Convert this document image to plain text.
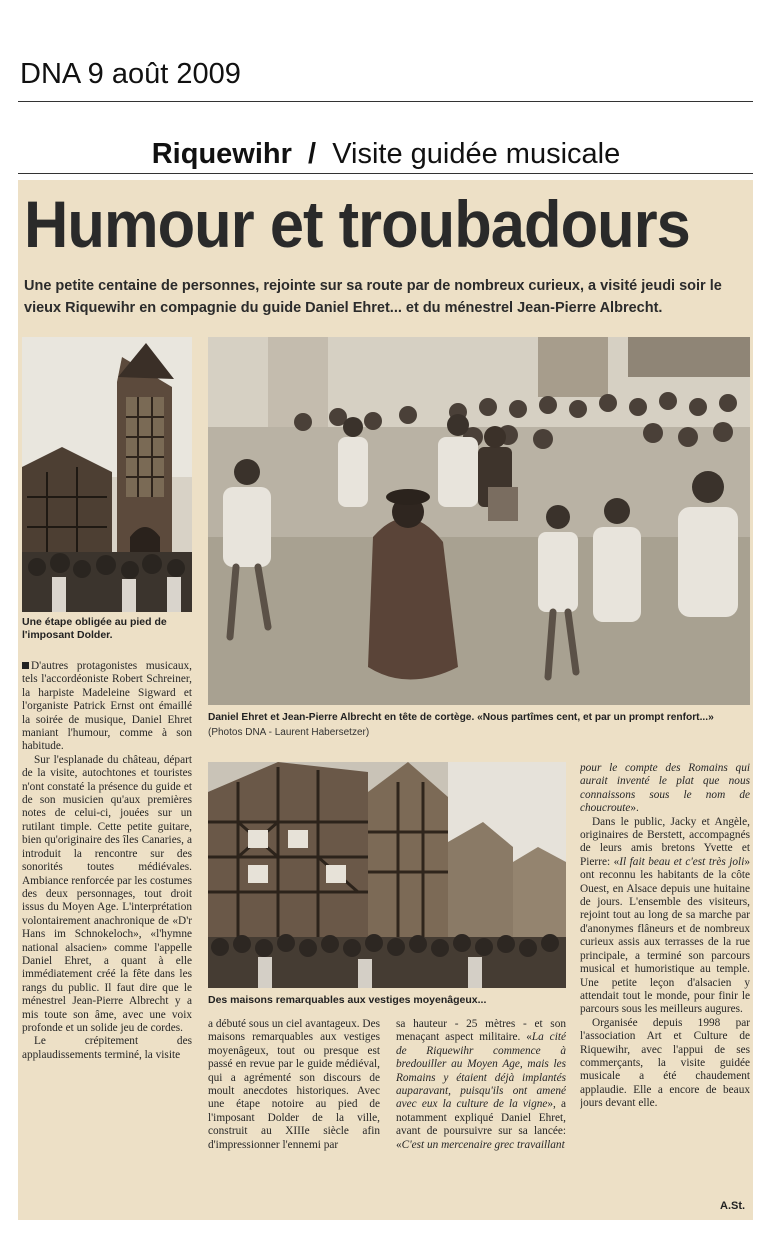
DNA 9 août 2009
Riquewihr / Visite guidée musicale
Humour et troubadours
Une petite centaine de personnes, rejointe sur sa route par de nombreux curieux, a visité jeudi soir le vieux Riquewihr en compagnie du guide Daniel Ehret... et du ménestrel Jean-Pierre Albrecht.
Une étape obligée au pied de l'imposant Dolder.
Daniel Ehret et Jean-Pierre Albrecht en tête de cortège. «Nous partîmes cent, et par un prompt renfort...»
(Photos DNA - Laurent Habersetzer)
Des maisons remarquables aux vestiges moyenâgeux...

D'autres protagonistes musicaux, tels l'accordéoniste Robert Schreiner, la harpiste Madeleine Sigward et l'organiste Patrick Ernst ont émaillé la soirée de musique, Daniel Ehret maniant l'humour, comme à son habitude.

Sur l'esplanade du château, départ de la visite, autochtones et touristes n'ont constaté la présence du guide et de son musicien qu'aux premières notes de celui-ci, jouées sur un rutilant timple. Cette petite guitare, bien qu'originaire des îles Canaries, a introduit la rencontre sur des sonorités toutes médiévales. Ambiance renforcée par les costumes des deux personnages, tout droit issus du Moyen Age. L'interprétation volontairement anachronique de «D'r Hans im Schnokeloch», «l'hymne national alsacien» comme l'appelle Daniel Ehret, a quant à elle immédiatement créé la fête dans les rangs du public. Il faut dire que le ménestrel Jean-Pierre Albrecht y a mis toute son âme, avec une voix profonde et un solide jeu de cordes.

Le crépitement des applaudissements terminé, la visite

a débuté sous un ciel avantageux. Des maisons remarquables aux vestiges moyenâgeux, tout ou presque est passé en revue par le guide médiéval, qui a agrémenté son discours de moult anecdotes historiques. Avec une étape notoire au pied de l'imposant Dolder de la ville, construit au XIIIe siècle afin d'impressionner l'ennemi par

sa hauteur - 25 mètres - et son menaçant aspect militaire. «La cité de Riquewihr commence à bredouiller au Moyen Age, mais les Romains y étaient déjà implantés auparavant, puisqu'ils ont amené avec eux la culture de la vigne», a notamment expliqué Daniel Ehret, avant de poursuivre sur sa lancée: «C'est un mercenaire grec travaillant

pour le compte des Romains qui aurait inventé le plat que nous connaissons sous le nom de choucroute».

Dans le public, Jacky et Angèle, originaires de Berstett, accompagnés de leurs amis bretons Yvette et Pierre: «Il fait beau et c'est très joli» ont reconnu les habitants de la côte Ouest, en Alsace depuis une huitaine de jours. L'ensemble des visiteurs, rejoint tout au long de sa marche par d'anonymes flâneurs et de nombreux curieux assis aux terrasses de la rue principale, a terminé son parcours musical et humoristique au temple. Une petite leçon d'alsacien y attendait tout le monde, pour finir le parcours sous les meilleurs augures.

Organisée depuis 1998 par l'association Art et Culture de Riquewihr, avec l'appui de ses commerçants, la visite guidée musicale a été chaudement applaudie. Elle a encore de beaux jours devant elle.

A.St.
